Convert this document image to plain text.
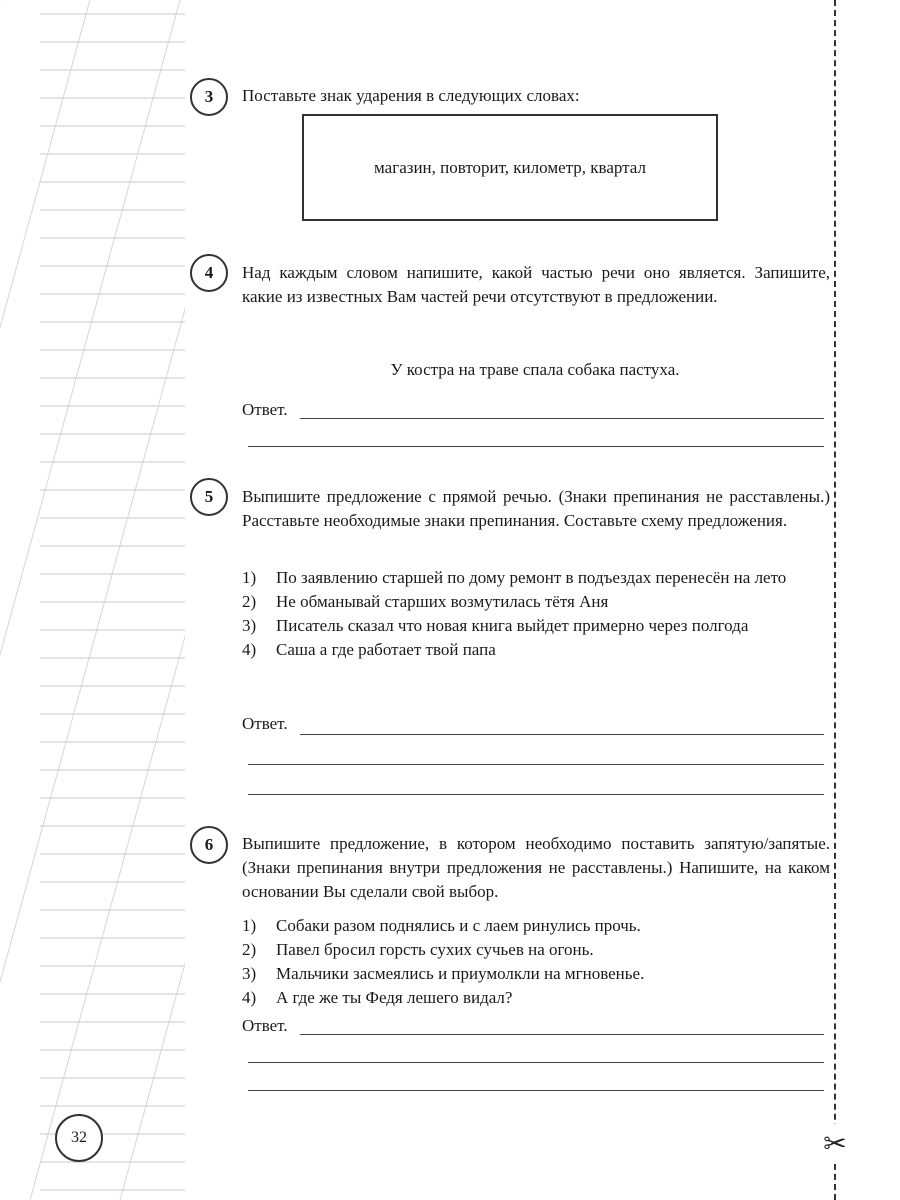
✂
3	Поставьте знак ударения в следующих словах:
магазин, повторит, километр, квартал
4	Над каждым словом напишите, какой частью речи оно является. Запишите, какие из известных Вам частей речи отсутствуют в предложении.
У костра на траве спала собака пастуха.
Ответ.
5	Выпишите предложение с прямой речью. (Знаки препинания не расставлены.) Расставьте необходимые знаки препинания. Составьте схему предложения.
1) По заявлению старшей по дому ремонт в подъездах перенесён на лето
2) Не обманывай старших возмутилась тётя Аня
3) Писатель сказал что новая книга выйдет примерно через полгода
4) Саша а где работает твой папа
Ответ.
6	Выпишите предложение, в котором необходимо поставить запятую/запятые. (Знаки препинания внутри предложения не расставлены.) Напишите, на каком основании Вы сделали свой выбор.
1) Собаки разом поднялись и с лаем ринулись прочь.
2) Павел бросил горсть сухих сучьев на огонь.
3) Мальчики засмеялись и приумолкли на мгновенье.
4) А где же ты Федя лешего видал?
Ответ.
32
